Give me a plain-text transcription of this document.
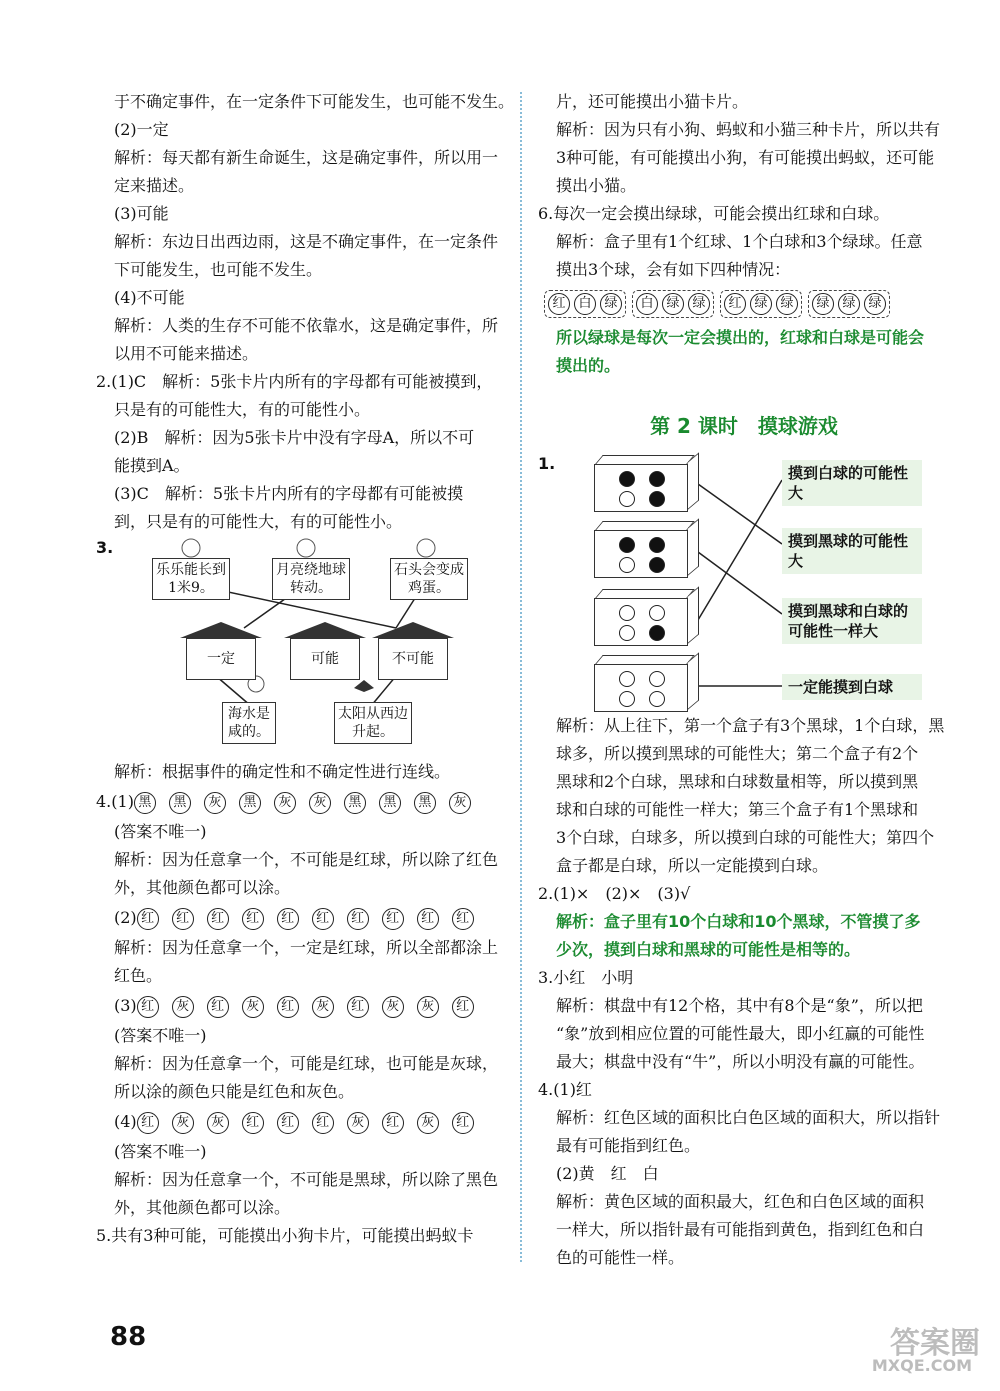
于不确定事件，在一定条件下可能发生，也可能不发生。
(2)一定
解析：每天都有新生命诞生，这是确定事件，所以用一
定来描述。
(3)可能
解析：东边日出西边雨，这是不确定事件，在一定条件
下可能发生，也可能不发生。
(4)不可能
解析：人类的生存不可能不依靠水，这是确定事件，所
以用不可能来描述。
2.(1)C　解析：5张卡片内所有的字母都有可能被摸到，
只是有的可能性大，有的可能性小。
(2)B　解析：因为5张卡片中没有字母A，所以不可
能摸到A。
(3)C　解析：5张卡片内所有的字母都有可能被摸
到，只是有的可能性大，有的可能性小。
3.
乐乐能长到1米9。
月亮绕地球转动。
石头会变成鸡蛋。
一定	可能	不可能
海水是咸的。
太阳从西边升起。
解析：根据事件的确定性和不确定性进行连线。
4.(1) 黑 黑 灰 黑 灰 灰 黑 黑 黑 灰
(答案不唯一)
解析：因为任意拿一个，不可能是红球，所以除了红色
外，其他颜色都可以涂。
(2) 红 红 红 红 红 红 红 红 红 红
解析：因为任意拿一个，一定是红球，所以全部都涂上
红色。
(3) 红 灰 红 灰 红 灰 红 灰 灰 红
(答案不唯一)
解析：因为任意拿一个，可能是红球，也可能是灰球，
所以涂的颜色只能是红色和灰色。
(4) 红 灰 灰 红 红 红 灰 红 灰 红
(答案不唯一)
解析：因为任意拿一个，不可能是黑球，所以除了黑色
外，其他颜色都可以涂。
5.共有3种可能，可能摸出小狗卡片，可能摸出蚂蚁卡
片，还可能摸出小猫卡片。
解析：因为只有小狗、蚂蚁和小猫三种卡片，所以共有
3种可能，有可能摸出小狗，有可能摸出蚂蚁，还可能
摸出小猫。
6.每次一定会摸出绿球，可能会摸出红球和白球。
解析：盒子里有1个红球、1个白球和3个绿球。任意
摸出3个球，会有如下四种情况：
红 白 绿	白 绿 绿	红 绿 绿	绿 绿 绿
所以绿球是每次一定会摸出的，红球和白球是可能会
摸出的。
第 2 课时　摸球游戏
1.	摸到白球的可能性大
摸到黑球的可能性大
摸到黑球和白球的可能性一样大
一定能摸到白球
解析：从上往下，第一个盒子有3个黑球，1个白球，黑
球多，所以摸到黑球的可能性大；第二个盒子有2个
黑球和2个白球，黑球和白球数量相等，所以摸到黑
球和白球的可能性一样大；第三个盒子有1个黑球和
3个白球，白球多，所以摸到白球的可能性大；第四个
盒子都是白球，所以一定能摸到白球。
2.(1)×　(2)×　(3)√
解析：盒子里有10个白球和10个黑球，不管摸了多
少次，摸到白球和黑球的可能性是相等的。
3.小红　小明
解析：棋盘中有12个格，其中有8个是“象”，所以把
“象”放到相应位置的可能性最大，即小红赢的可能性
最大；棋盘中没有“牛”，所以小明没有赢的可能性。
4.(1)红
解析：红色区域的面积比白色区域的面积大，所以指针
最有可能指到红色。
(2)黄　红　白
解析：黄色区域的面积最大，红色和白色区域的面积
一样大，所以指针最有可能指到黄色，指到红色和白
色的可能性一样。
88	答案圈
MXQE.COM
